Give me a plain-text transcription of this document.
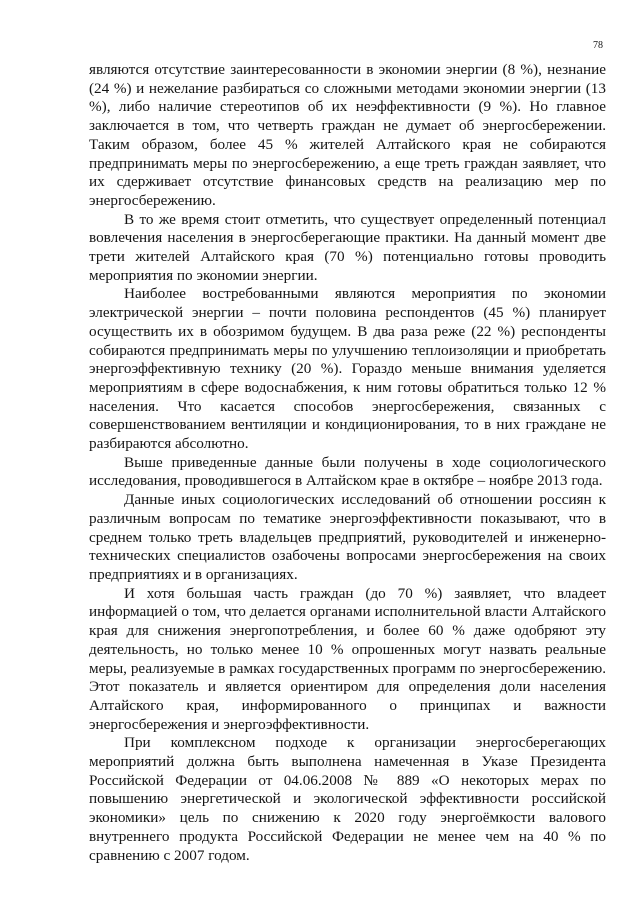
78

являются отсутствие заинтересованности в экономии энергии (8 %), незнание (24 %) и нежелание разбираться со сложными методами экономии энергии (13 %), либо наличие стереотипов об их неэффективности (9 %). Но главное заключается в том, что четверть граждан не думает об энергосбережении. Таким образом, более 45 % жителей Алтайского края не собираются предпринимать меры по энергосбережению, а еще треть граждан заявляет, что их сдерживает отсутствие финансовых средств на реализацию мер по энергосбережению.

В то же время стоит отметить, что существует определенный потенциал вовлечения населения в энергосберегающие практики. На данный момент две трети жителей Алтайского края (70 %) потенциально готовы проводить мероприятия по экономии энергии.

Наиболее востребованными являются мероприятия по экономии электрической энергии – почти половина респондентов (45 %) планирует осуществить их в обозримом будущем. В два раза реже (22 %) респонденты собираются предпринимать меры по улучшению теплоизоляции и приобретать энергоэффективную технику (20 %). Гораздо меньше внимания уделяется мероприятиям в сфере водоснабжения, к ним готовы обратиться только 12 % населения. Что касается способов энергосбережения, связанных с совершенствованием вентиляции и кондиционирования, то в них граждане не разбираются абсолютно.

Выше приведенные данные были получены в ходе социологического исследования, проводившегося в Алтайском крае в октябре – ноябре 2013 года.

Данные иных социологических исследований об отношении россиян к различным вопросам по тематике энергоэффективности показывают, что в среднем только треть владельцев предприятий, руководителей и инженерно-технических специалистов озабочены вопросами энергосбережения на своих предприятиях и в организациях.

И хотя большая часть граждан (до 70 %) заявляет, что владеет информацией о том, что делается органами исполнительной власти Алтайского края для снижения энергопотребления, и более 60 % даже одобряют эту деятельность, но только менее 10 % опрошенных могут назвать реальные меры, реализуемые в рамках государственных программ по энергосбережению. Этот показатель и является ориентиром для определения доли населения Алтайского края, информированного о принципах и важности энергосбережения и энергоэффективности.

При комплексном подходе к организации энергосберегающих мероприятий должна быть выполнена намеченная в Указе Президента Российской Федерации от 04.06.2008 № 889 «О некоторых мерах по повышению энергетической и экологической эффективности российской экономики» цель по снижению к 2020 году энергоёмкости валового внутреннего продукта Российской Федерации не менее чем на 40 % по сравнению с 2007 годом.
